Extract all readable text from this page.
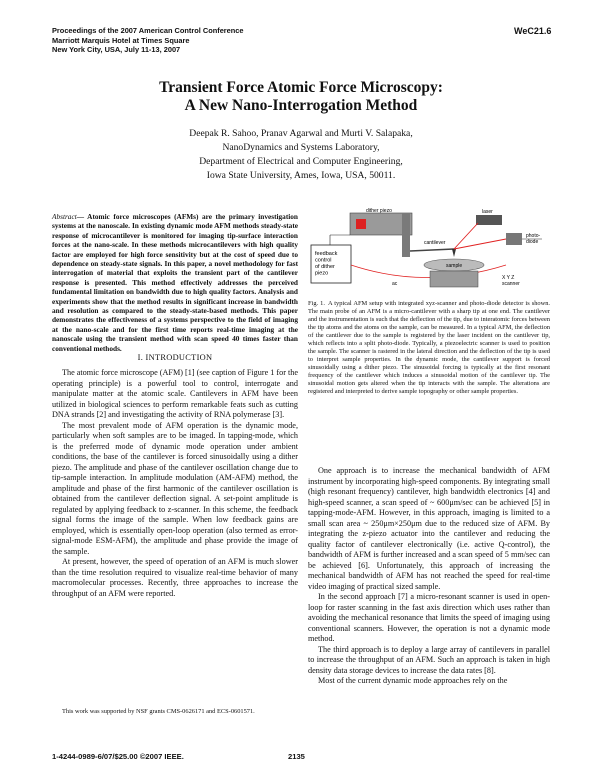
Proceedings of the 2007 American Control Conference
Marriott Marquis Hotel at Times Square
New York City, USA, July 11-13, 2007
WeC21.6
Transient Force Atomic Force Microscopy:
A New Nano-Interrogation Method
Deepak R. Sahoo, Pranav Agarwal and Murti V. Salapaka,
NanoDynamics and Systems Laboratory,
Department of Electrical and Computer Engineering,
Iowa State University, Ames, Iowa, USA, 50011.
Abstract— Atomic force microscopes (AFMs) are the primary investigation systems at the nanoscale. In existing dynamic mode AFM methods steady-state response of microcantilever is monitored for imaging tip-surface interaction forces at the nano-scale. In these methods microcantilevers with high quality factor are employed for high force sensitivity but at the cost of speed due to dependence on steady-state signals. In this paper, a novel methodology for fast interrogation of material that exploits the transient part of the cantilever response is presented. This method effectively addresses the perceived fundamental limitation on bandwidth due to high quality factors. Analysis and experiments show that the method results in significant increase in bandwidth and resolution as compared to the steady-state-based methods. This paper demonstrates the effectiveness of a systems perspective to the field of imaging at the nano-scale and for the first time reports real-time imaging at the nanoscale using the transient method with scan speed 40 times faster than conventional methods.
I. INTRODUCTION

The atomic force microscope (AFM) [1] (see caption of Figure 1 for the operating principle) is a powerful tool to control, interrogate and manipulate matter at the atomic scale. Cantilevers in AFM have been utilized in biological sciences to perform remarkable feats such as cutting DNA strands [2] and investigating the activity of RNA polymerase [3].

The most prevalent mode of AFM operation is the dynamic mode, particularly when soft samples are to be imaged. In tapping-mode, which is the preferred mode of dynamic mode operation under ambient conditions, the base of the cantilever is forced sinusoidally using a dither piezo. The amplitude and phase of the cantilever oscillation change due to tip-sample interaction. In amplitude modulation (AM-AFM) method, the amplitude and phase of the first harmonic of the cantilever oscillation is obtained from the cantilever deflection signal. A set-point amplitude is regulated by applying feedback to z-scanner. In this scheme, the feedback signal forms the image of the sample. When low feedback gains are employed, which is essentially open-loop operation (also termed as error-signal-mode ESM-AFM), the amplitude and phase provide the image of the sample.

At present, however, the speed of operation of an AFM is much slower than the time resolution required to visualize real-time behavior of many macromolecular processes. Recently, three approaches to increase the throughput of an AFM were reported.

This work was supported by NSF grants CMS-0626171 and ECS-0601571.

feedback control of dither piezo
dither piezo
cantilever
laser
photo- diode
ac
sample
X Y Z scanner
Fig. 1. A typical AFM setup with integrated xyz-scanner and photo-diode detector is shown. The main probe of an AFM is a micro-cantilever with a sharp tip at one end. The cantilever and the instrumentation is such that the deflection of the tip, due to interatomic forces between the tip atoms and the atoms on the sample, can be measured. In a typical AFM, the deflection of the cantilever due to the sample is registered by the laser incident on the cantilever tip, which reflects into a split photo-diode. Typically, a piezoelectric scanner is used to position the sample. The scanner is rastered in the lateral direction and the deflection of the tip is used to interpret sample properties. In the dynamic mode, the cantilever support is forced sinusoidally using a dither piezo. The sinusoidal forcing is typically at the first resonant frequency of the cantilever which induces a sinusoidal motion of the cantilever tip. The sinusoidal motion gets altered when the tip interacts with the sample. The alterations are registered and interpreted to derive sample topography or other sample properties.

One approach is to increase the mechanical bandwidth of AFM instrument by incorporating high-speed components. By integrating small (high resonant frequency) cantilever, high bandwidth electronics [4] and high-speed scanner, a scan speed of ~ 600μm/sec can be achieved [5] in tapping-mode-AFM. However, in this approach, imaging is limited to a small scan area ~ 250μm×250μm due to the reduced size of AFM. By integrating the z-piezo actuator into the cantilever and reducing the quality factor of cantilever electronically (i.e. active Q-control), the bandwidth of AFM is further increased and a scan speed of 5 mm/sec can be achieved [6]. Unfortunately, this approach of increasing the mechanical bandwidth of AFM has not reached the speed for real-time video imaging of practical sized sample.

In the second approach [7] a micro-resonant scanner is used in open-loop for raster scanning in the fast axis direction which uses rather than avoiding the mechanical resonance that limits the speed of imaging using conventional scanners. However, the operation is not a dynamic mode method.

The third approach is to deploy a large array of cantilevers in parallel to increase the throughput of an AFM. Such an approach is taken in high density data storage devices to increase the data rates [8].

Most of the current dynamic mode approaches rely on the

1-4244-0989-6/07/$25.00 ©2007 IEEE.	2135
